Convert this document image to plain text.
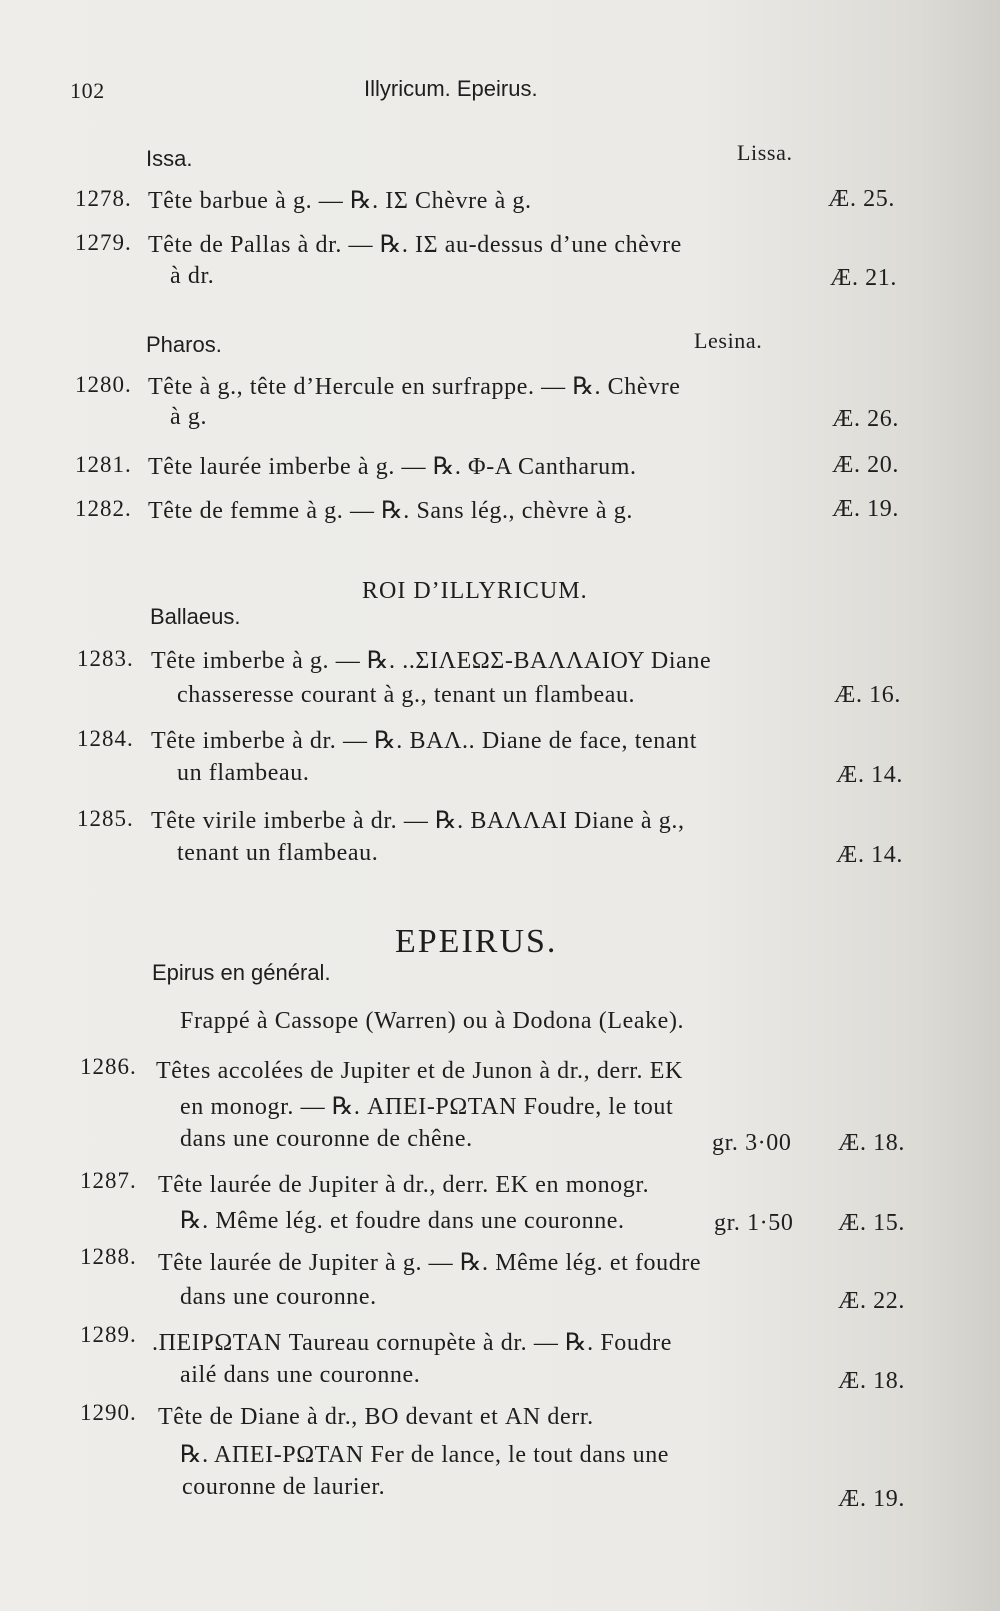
102	Illyricum. Epeirus.
Issa.	Lissa.
1278. Tête barbue à g. — ℞. ΙΣ Chèvre à g.	Æ. 25.
1279. Tête de Pallas à dr. — ℞. ΙΣ au-dessus d’une chèvre
à dr.	Æ. 21.
Pharos.	Lesina.
1280. Tête à g., tête d’Hercule en surfrappe. — ℞. Chèvre
à g.	Æ. 26.
1281. Tête laurée imberbe à g. — ℞. Φ-Α Cantharum.	Æ. 20.
1282. Tête de femme à g. — ℞. Sans lég., chèvre à g.	Æ. 19.
ROI D’ILLYRICUM.
Ballaeus.
1283. Tête imberbe à g. — ℞. ..ΣΙΛΕΩΣ-ΒΑΛΛΑΙΟΥ Diane
chasseresse courant à g., tenant un flambeau.	Æ. 16.
1284. Tête imberbe à dr. — ℞. ΒΑΛ.. Diane de face, tenant
un flambeau.	Æ. 14.
1285. Tête virile imberbe à dr. — ℞. ΒΑΛΛΑΙ Diane à g.,
tenant un flambeau.	Æ. 14.
EPEIRUS.
Epirus en général.
Frappé à Cassope (Warren) ou à Dodona (Leake).
1286. Têtes accolées de Jupiter et de Junon à dr., derr. ΕΚ
en monogr. — ℞. ΑΠΕΙ-ΡΩΤΑΝ Foudre, le tout
dans une couronne de chêne.	gr. 3·00 Æ. 18.
1287. Tête laurée de Jupiter à dr., derr. ΕΚ en monogr.
℞. Même lég. et foudre dans une couronne.	gr. 1·50 Æ. 15.
1288. Tête laurée de Jupiter à g. — ℞. Même lég. et foudre
dans une couronne.	Æ. 22.
1289. .ΠΕΙΡΩΤΑΝ Taureau cornupète à dr. — ℞. Foudre
ailé dans une couronne.	Æ. 18.
1290. Tête de Diane à dr., ΒΟ devant et ΑΝ derr.
℞. ΑΠΕΙ-ΡΩΤΑΝ Fer de lance, le tout dans une
couronne de laurier.	Æ. 19.
